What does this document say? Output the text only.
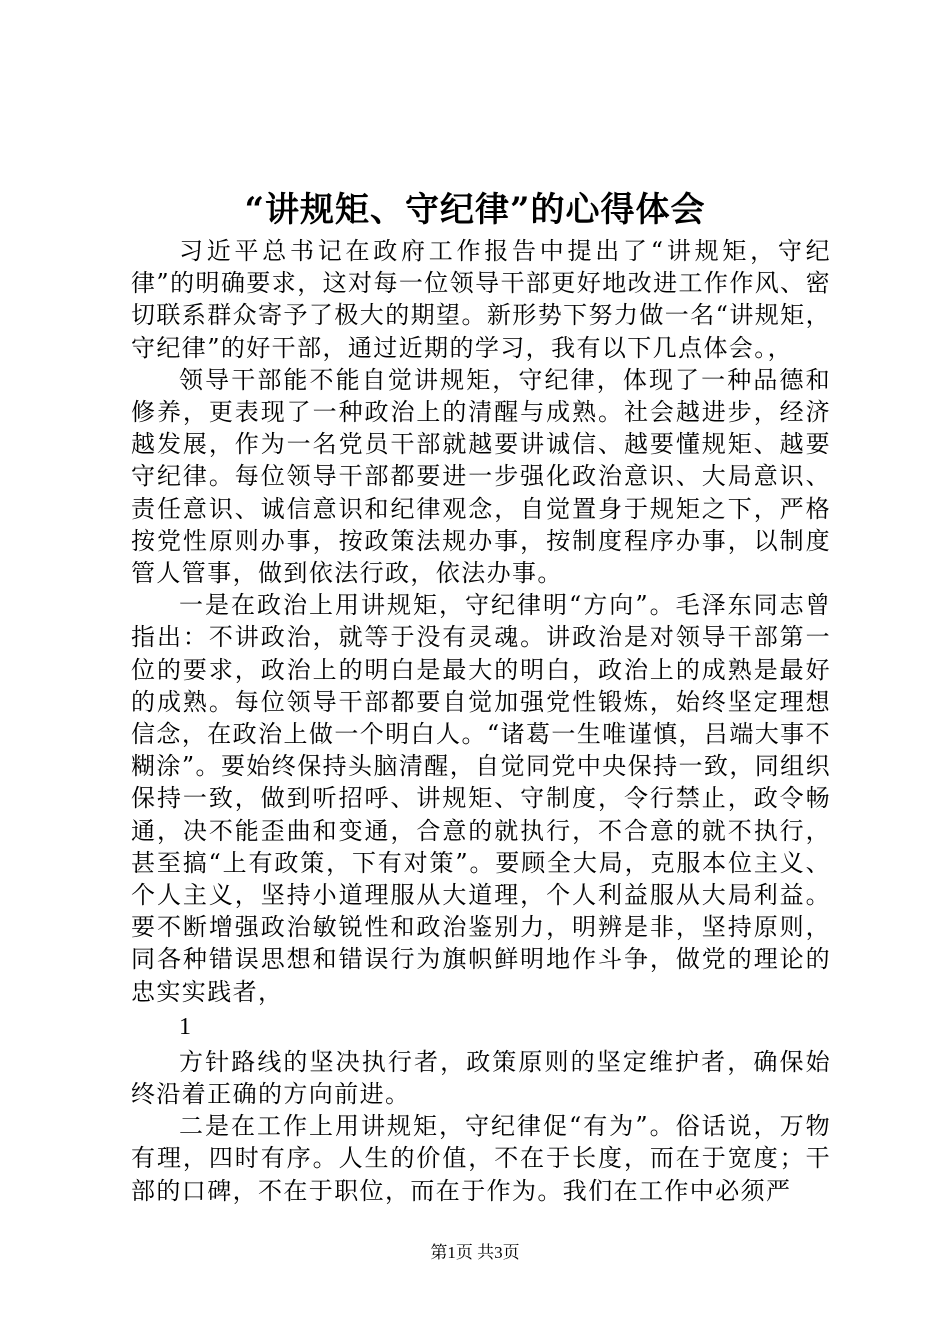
“讲规矩、守纪律”的心得体会

习近平总书记在政府工作报告中提出了“讲规矩，守纪律”的明确要求，这对每一位领导干部更好地改进工作作风、密切联系群众寄予了极大的期望。新形势下努力做一名“讲规矩，守纪律”的好干部，通过近期的学习，我有以下几点体会。，

领导干部能不能自觉讲规矩，守纪律，体现了一种品德和修养，更表现了一种政治上的清醒与成熟。社会越进步，经济越发展，作为一名党员干部就越要讲诚信、越要懂规矩、越要守纪律。每位领导干部都要进一步强化政治意识、大局意识、责任意识、诚信意识和纪律观念，自觉置身于规矩之下，严格按党性原则办事，按政策法规办事，按制度程序办事，以制度管人管事，做到依法行政，依法办事。

一是在政治上用讲规矩，守纪律明“方向”。毛泽东同志曾指出：不讲政治，就等于没有灵魂。讲政治是对领导干部第一位的要求，政治上的明白是最大的明白，政治上的成熟是最好的成熟。每位领导干部都要自觉加强党性锻炼，始终坚定理想信念，在政治上做一个明白人。“诸葛一生唯谨慎，吕端大事不糊涂”。要始终保持头脑清醒，自觉同党中央保持一致，同组织保持一致，做到听招呼、讲规矩、守制度，令行禁止，政令畅通，决不能歪曲和变通，合意的就执行，不合意的就不执行，甚至搞“上有政策，下有对策”。要顾全大局，克服本位主义、个人主义，坚持小道理服从大道理，个人利益服从大局利益。要不断增强政治敏锐性和政治鉴别力，明辨是非，坚持原则，同各种错误思想和错误行为旗帜鲜明地作斗争，做党的理论的忠实实践者，

1

方针路线的坚决执行者，政策原则的坚定维护者，确保始终沿着正确的方向前进。

二是在工作上用讲规矩，守纪律促“有为”。俗话说，万物有理，四时有序。人生的价值，不在于长度，而在于宽度；干部的口碑，不在于职位，而在于作为。我们在工作中必须严

第1页 共3页
